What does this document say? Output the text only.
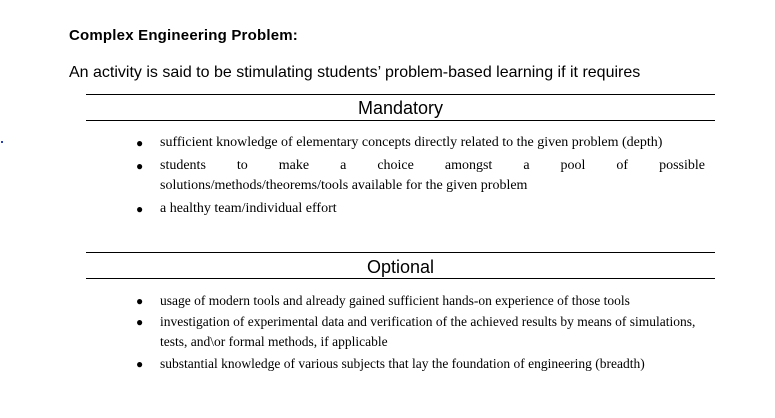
Complex Engineering Problem:
An activity is said to be stimulating students’ problem-based learning if it requires
Mandatory
● sufficient knowledge of elementary concepts directly related to the given problem (depth)
● students to make a choice amongst a pool of possible
solutions/methods/theorems/tools available for the given problem
● a healthy team/individual effort
Optional
● usage of modern tools and already gained sufficient hands-on experience of those tools
● investigation of experimental data and verification of the achieved results by means of simulations, tests, and\or formal methods, if applicable
● substantial knowledge of various subjects that lay the foundation of engineering (breadth)
